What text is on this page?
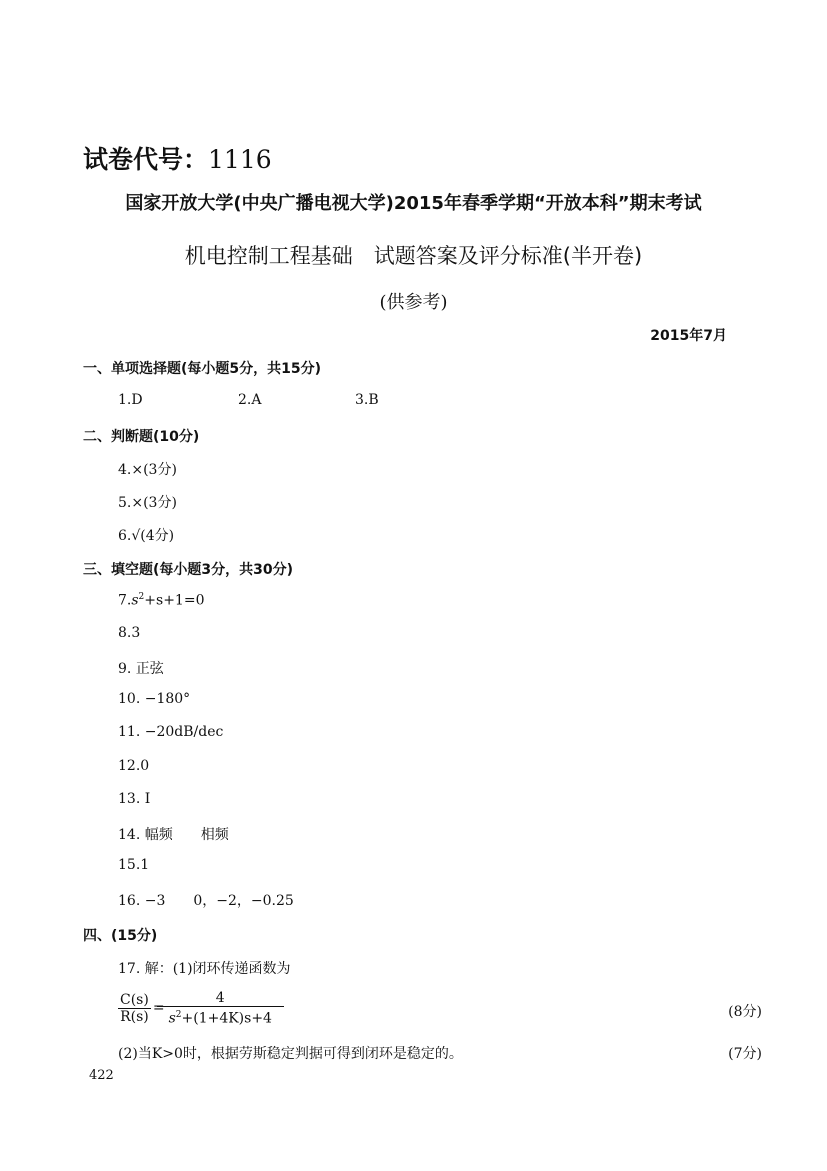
试卷代号：1116
国家开放大学(中央广播电视大学)2015年春季学期“开放本科”期末考试
机电控制工程基础　试题答案及评分标准(半开卷)
(供参考)
2015年7月
一、单项选择题(每小题5分，共15分)
1.D	2.A	3.B
二、判断题(10分)
4.×(3分)
5.×(3分)
6.√(4分)
三、填空题(每小题3分，共30分)
$7.s^2+s+1=0$
8.3
9. 正弦
10. −180°
11. −20dB/dec
12.0
13. Ⅰ
14. 幅频　　相频
15.1
16. −3　　0，−2，−0.25
四、(15分)
17. 解：(1)闭环传递函数为
$\frac{C(s)}{R(s)} = \frac{4}{s^2+(1+4K)s+4}$	(8分)
(2)当K>0时，根据劳斯稳定判据可得到闭环是稳定的。	(7分)
422
